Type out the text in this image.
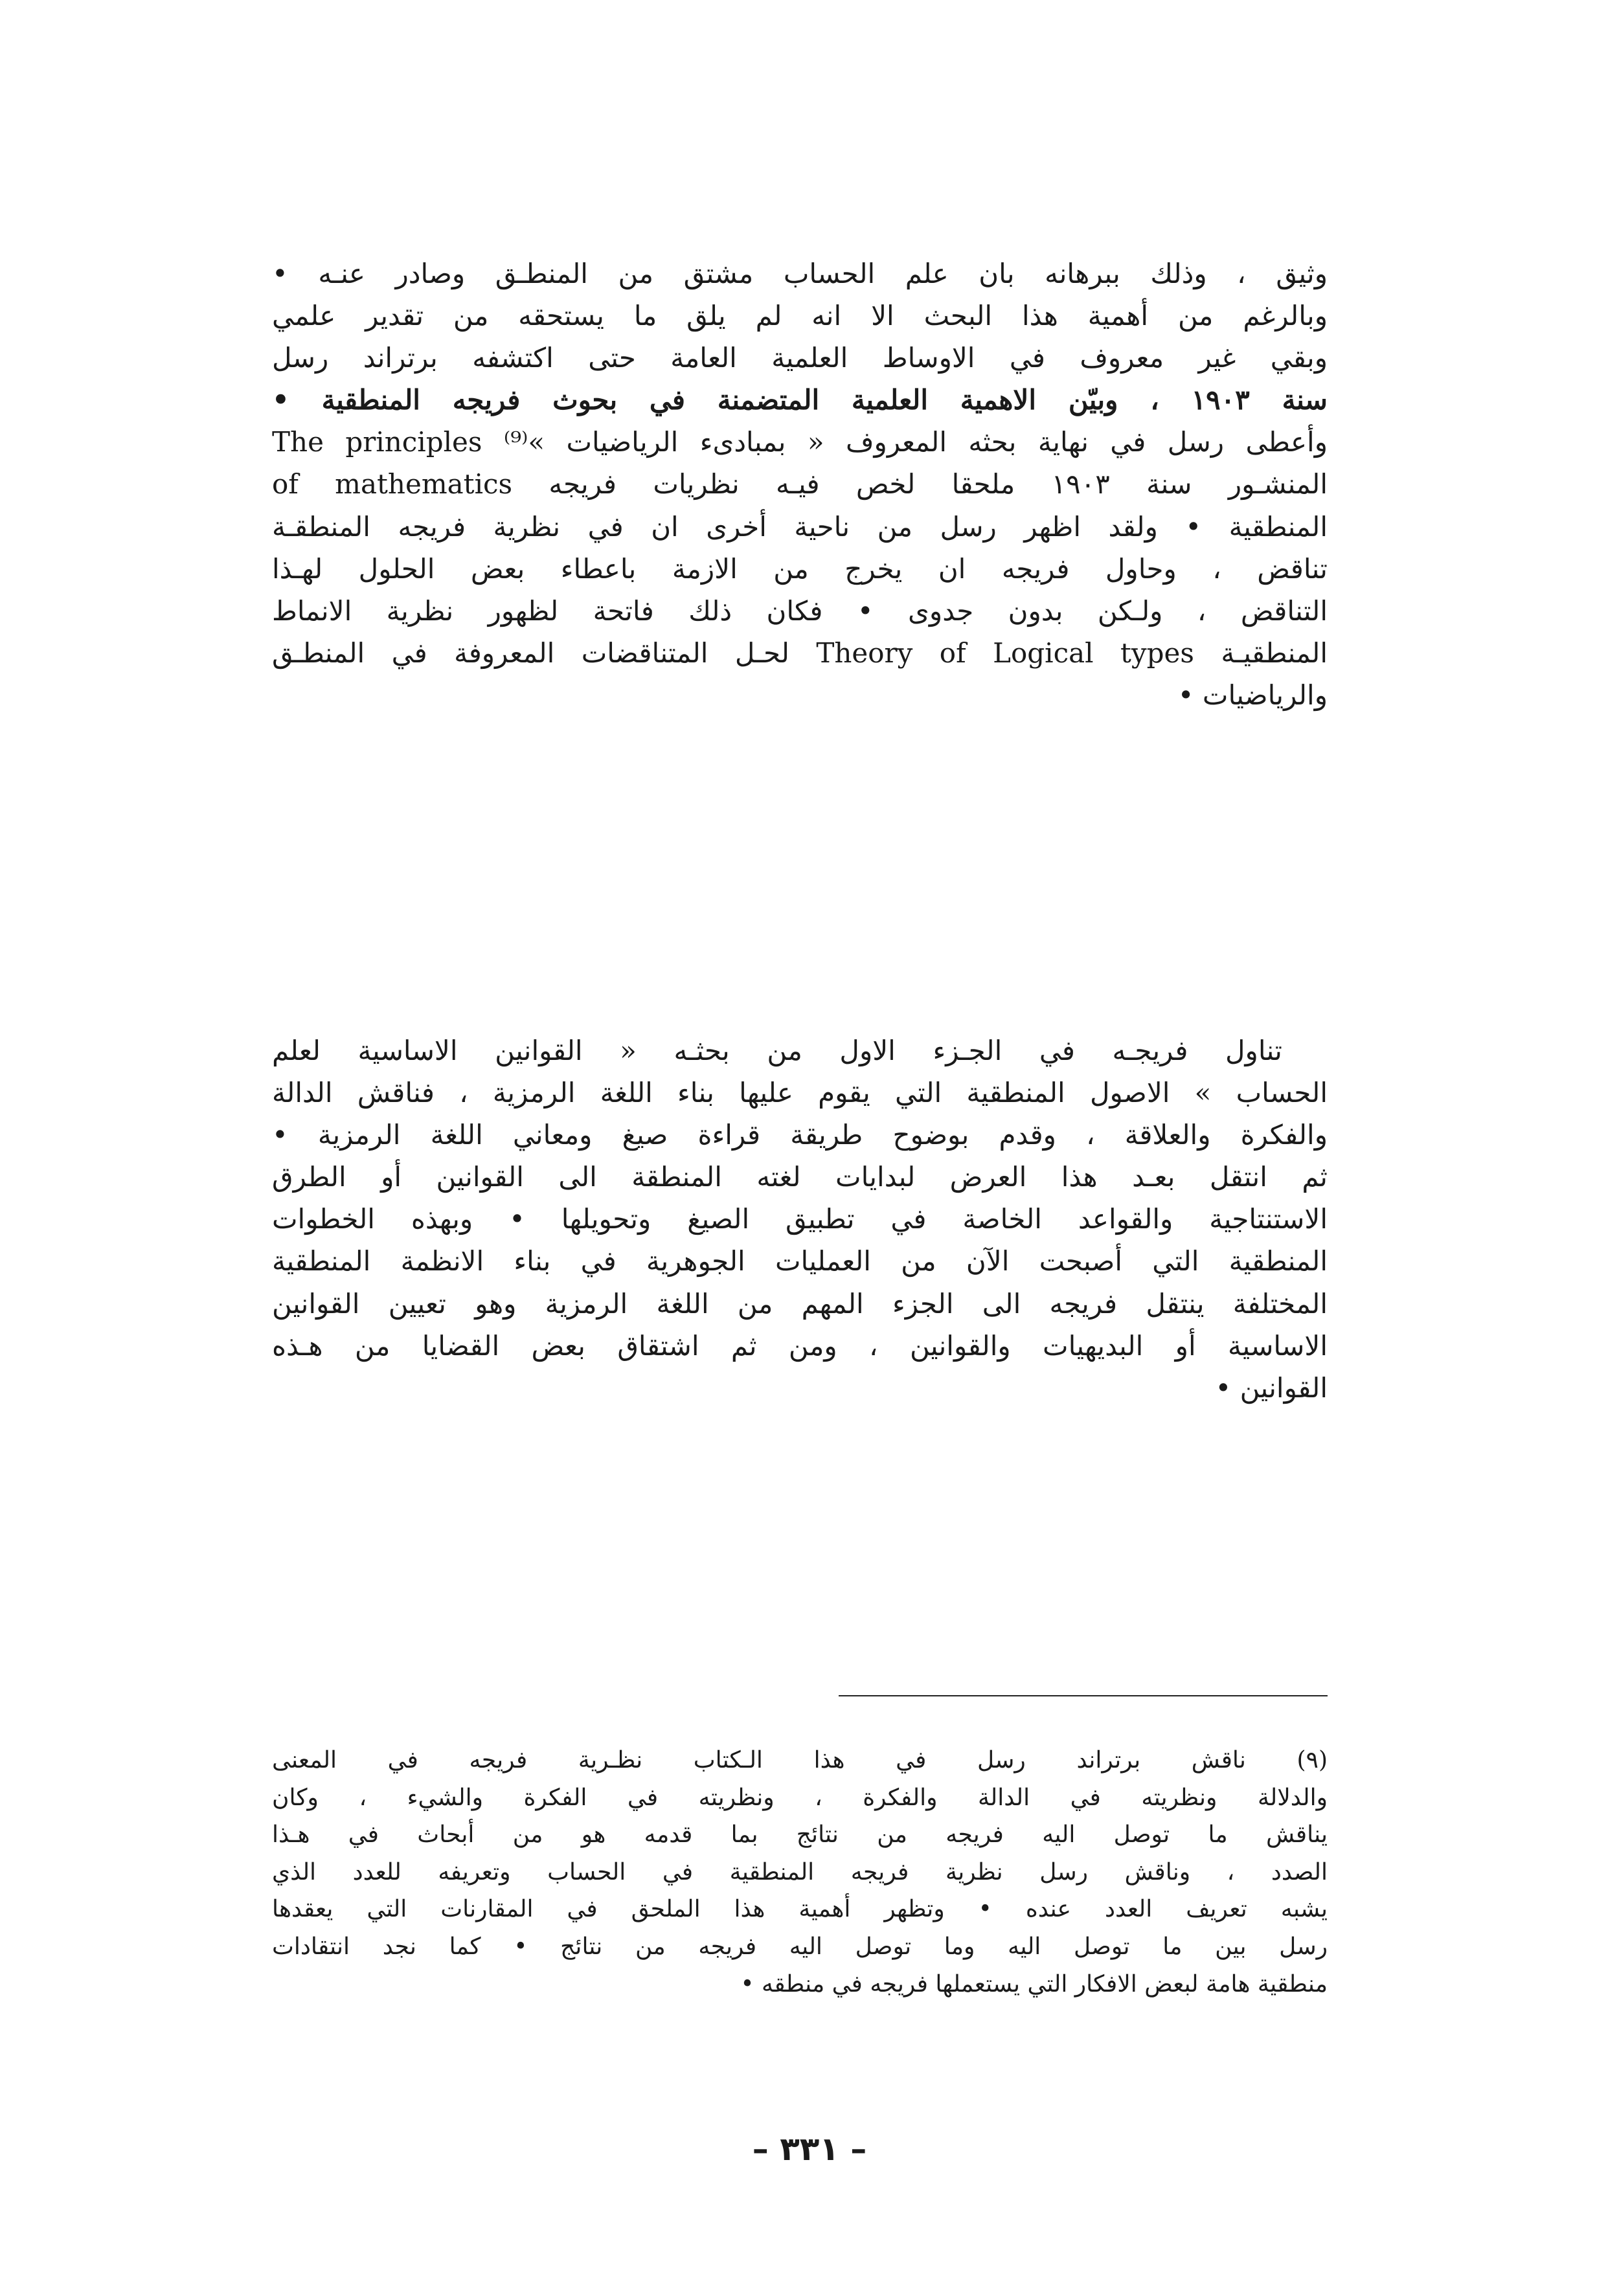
وثيق ، وذلك ببرهانه بان علم الحساب مشتق من المنطـق وصادر عنـه •
وبالرغم من أهمية هذا البحث الا انه لم يلق ما يستحقه من تقدير علمي
وبقي غير معروف في الاوساط العلمية العامة حتى اكتشفه برتراند رسل
سنة ١٩٠٣ ، وبيّن الاهمية العلمية المتضمنة في بحوث فريجه المنطقية •
وأعطى رسل في نهاية بحثه المعروف « بمبادىء الرياضيات »⁽⁹⁾ The principles
of mathematics المنشـور سنة ١٩٠٣ ملحقا لخص فيـه نظريات فريجه
المنطقية • ولقد اظهر رسل من ناحية أخرى ان في نظرية فريجه المنطقـة
تناقض ، وحاول فريجه ان يخرج من الازمة باعطاء بعض الحلول لهـذا
التناقض ، ولـكن بدون جدوى • فكان ذلك فاتحة لظهور نظرية الانماط
المنطقيـة Theory of Logical types لحـل المتناقضات المعروفة في المنطـق
والرياضيات •
تناول فريجـه في الجـزء الاول من بحثـه « القوانين الاساسية لعلم
الحساب » الاصول المنطقية التي يقوم عليها بناء اللغة الرمزية ، فناقش الدالة
والفكرة والعلاقة ، وقدم بوضوح طريقة قراءة صيغ ومعاني اللغة الرمزية •
ثم انتقل بعـد هذا العرض لبدايات لغته المنطقة الى القوانين أو الطرق
الاستنتاجية والقواعد الخاصة في تطبيق الصيغ وتحويلها • وبهذه الخطوات
المنطقية التي أصبحت الآن من العمليات الجوهرية في بناء الانظمة المنطقية
المختلفة ينتقل فريجه الى الجزء المهم من اللغة الرمزية وهو تعيين القوانين
الاساسية أو البديهيات والقوانين ، ومن ثم اشتقاق بعض القضايا من هـذه
القوانين •
(٩) ناقش برتراند رسل في هذا الـكتاب نظـرية فريجه في المعنى
والدلالة ونظريته في الدالة والفكرة ، ونظريته في الفكرة والشيء ، وكان
يناقش ما توصل اليه فريجه من نتائج بما قدمه هو من أبحاث في هـذا
الصدد ، وناقش رسل نظرية فريجه المنطقية في الحساب وتعريفه للعدد الذي
يشبه تعريف العدد عنده • وتظهر أهمية هذا الملحق في المقارنات التي يعقدها
رسل بين ما توصل اليه وما توصل اليه فريجه من نتائج • كما نجد انتقادات
منطقية هامة لبعض الافكار التي يستعملها فريجه في منطقه •
– ٣٣١ –
